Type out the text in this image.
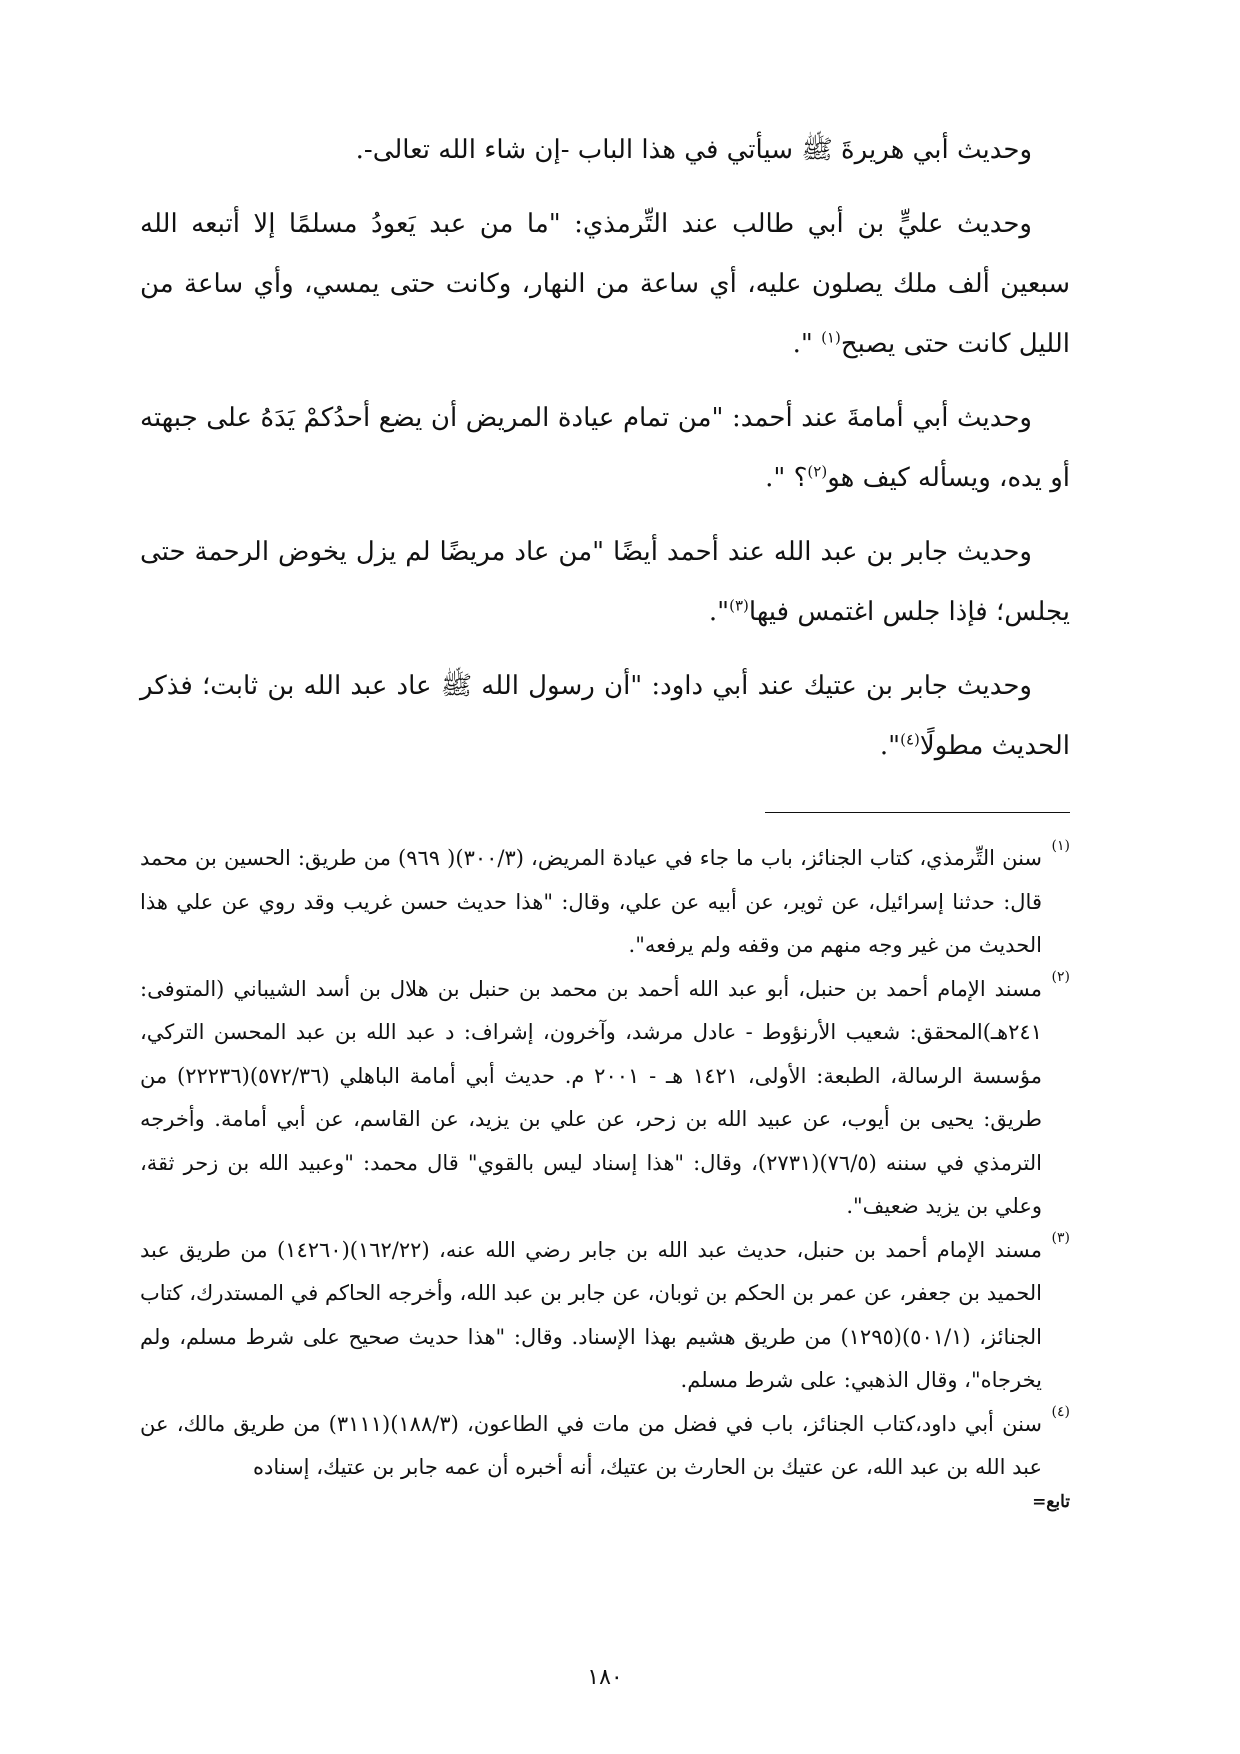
وحديث أبي هريرةَ ﷺ سيأتي في هذا الباب -إن شاء الله تعالى-.

وحديث عليٍّ بن أبي طالب عند التِّرمذي: "ما من عبد يَعودُ مسلمًا إلا أتبعه الله سبعين ألف ملك يصلون عليه، أي ساعة من النهار، وكانت حتى يمسي، وأي ساعة من الليل كانت حتى يصبح$^{(١)}$ ".

وحديث أبي أمامةَ عند أحمد: "من تمام عيادة المريض أن يضع أحدُكمْ يَدَهُ على جبهته أو يده، ويسأله كيف هو$^{(٢)}$؟ ".

وحديث جابر بن عبد الله عند أحمد أيضًا "من عاد مريضًا لم يزل يخوض الرحمة حتى يجلس؛ فإذا جلس اغتمس فيها$^{(٣)}$".

وحديث جابر بن عتيك عند أبي داود: "أن رسول الله ﷺ عاد عبد الله بن ثابت؛ فذكر الحديث مطولًا$^{(٤)}$".

(١)
سنن التِّرمذي، كتاب الجنائز، باب ما جاء في عيادة المريض، (٣٠٠/٣)( ٩٦٩) من طريق: الحسين بن محمد قال: حدثنا إسرائيل، عن ثوير، عن أبيه عن علي، وقال: "هذا حديث حسن غريب وقد روي عن علي هذا الحديث من غير وجه منهم من وقفه ولم يرفعه".

(٢)
مسند الإمام أحمد بن حنبل، أبو عبد الله أحمد بن محمد بن حنبل بن هلال بن أسد الشيباني (المتوفى: ٢٤١هـ)المحقق: شعيب الأرنؤوط - عادل مرشد، وآخرون، إشراف: د عبد الله بن عبد المحسن التركي، مؤسسة الرسالة، الطبعة: الأولى، ١٤٢١ هـ - ٢٠٠١ م. حديث أبي أمامة الباهلي (٥٧٢/٣٦)(٢٢٢٣٦) من طريق: يحيى بن أيوب، عن عبيد الله بن زحر، عن علي بن يزيد، عن القاسم، عن أبي أمامة. وأخرجه الترمذي في سننه (٧٦/٥)(٢٧٣١)، وقال: "هذا إسناد ليس بالقوي" قال محمد: "وعبيد الله بن زحر ثقة، وعلي بن يزيد ضعيف".

(٣)
مسند الإمام أحمد بن حنبل، حديث عبد الله بن جابر رضي الله عنه، (١٦٢/٢٢)(١٤٢٦٠) من طريق عبد الحميد بن جعفر، عن عمر بن الحكم بن ثوبان، عن جابر بن عبد الله، وأخرجه الحاكم في المستدرك، كتاب الجنائز، (٥٠١/١)(١٢٩٥) من طريق هشيم بهذا الإسناد. وقال: "هذا حديث صحيح على شرط مسلم، ولم يخرجاه"، وقال الذهبي: على شرط مسلم.

(٤)
سنن أبي داود،كتاب الجنائز، باب في فضل من مات في الطاعون، (١٨٨/٣)(٣١١١) من طريق مالك، عن عبد الله بن عبد الله، عن عتيك بن الحارث بن عتيك، أنه أخبره أن عمه جابر بن عتيك، إسناده

تابع=

١٨٠
